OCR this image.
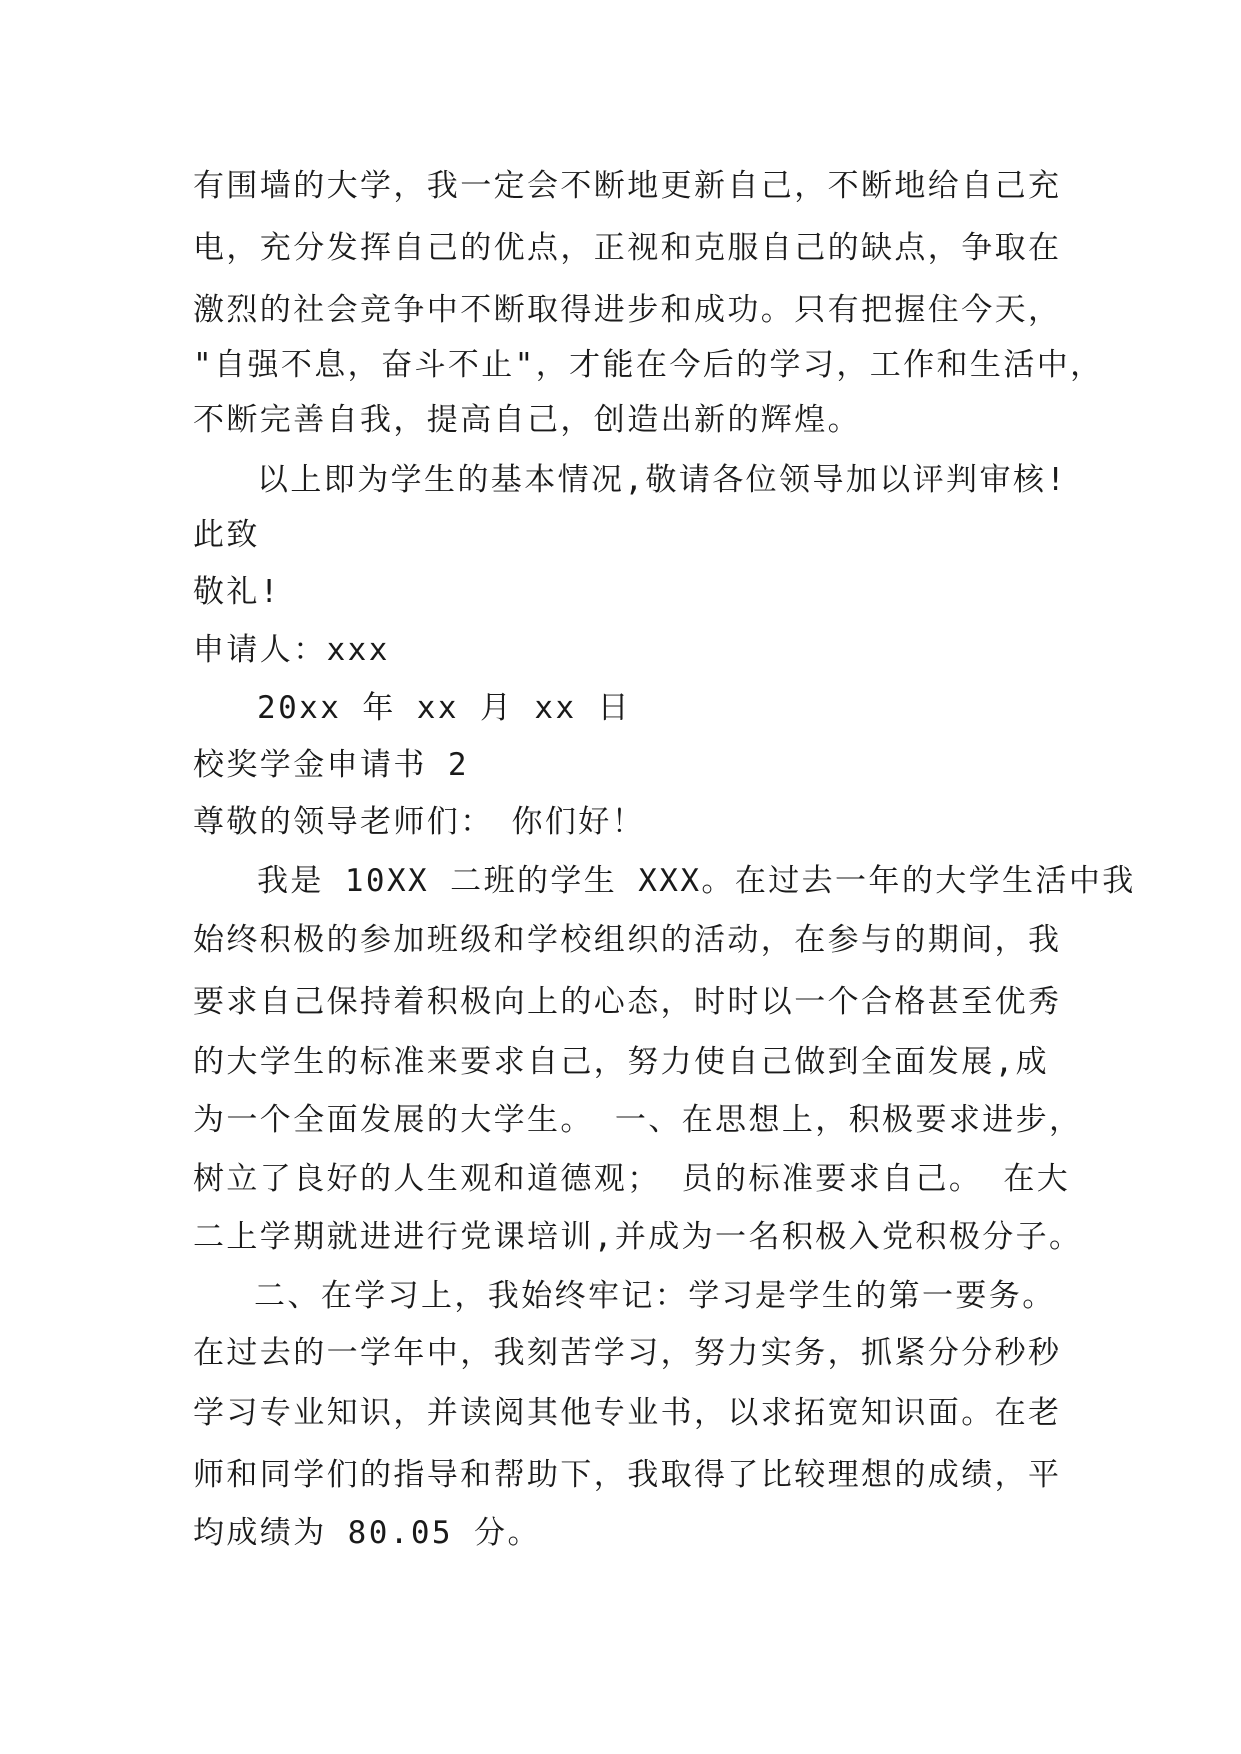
有围墙的大学，我一定会不断地更新自己，不断地给自己充
电，充分发挥自己的优点，正视和克服自己的缺点，争取在
激烈的社会竞争中不断取得进步和成功。只有把握住今天，
"自强不息，奋斗不止"，才能在今后的学习，工作和生活中，
不断完善自我，提高自己，创造出新的辉煌。
以上即为学生的基本情况,敬请各位领导加以评判审核!
此致
敬礼!
申请人：xxx
20xx 年 xx 月 xx 日
校奖学金申请书 2
尊敬的领导老师们：　你们好！
我是 10XX 二班的学生 XXX。在过去一年的大学生活中我
始终积极的参加班级和学校组织的活动，在参与的期间，我
要求自己保持着积极向上的心态，时时以一个合格甚至优秀
的大学生的标准来要求自己，努力使自己做到全面发展,成
为一个全面发展的大学生。 一、在思想上，积极要求进步，
树立了良好的人生观和道德观； 员的标准要求自己。 在大
二上学期就进进行党课培训,并成为一名积极入党积极分子。
二、在学习上，我始终牢记：学习是学生的第一要务。
在过去的一学年中，我刻苦学习，努力实务，抓紧分分秒秒
学习专业知识，并读阅其他专业书，以求拓宽知识面。在老
师和同学们的指导和帮助下，我取得了比较理想的成绩，平
均成绩为 80.05 分。
